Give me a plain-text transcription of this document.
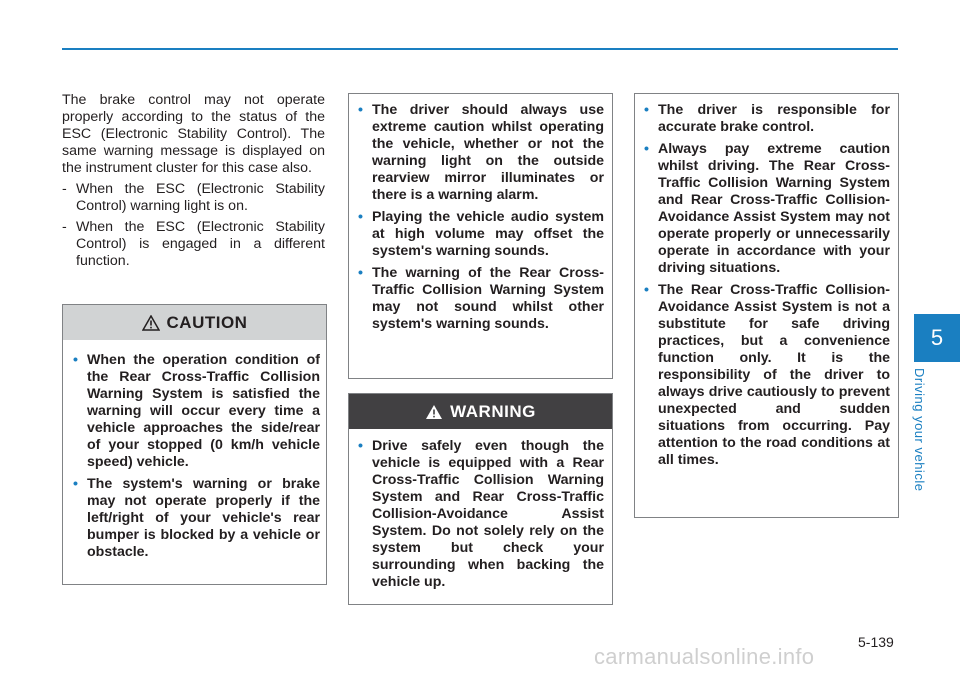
5
Driving your vehicle

The brake control may not operate properly according to the status of the ESC (Electronic Stability Control). The same warning message is displayed on the instrument cluster for this case also.

- When the ESC (Electronic Stability Control) warning light is on.
- When the ESC (Electronic Stability Control) is engaged in a different function.
CAUTION
• When the operation condition of the Rear Cross-Traffic Collision Warning System is satisfied the warning will occur every time a vehicle approaches the side/rear of your stopped (0 km/h vehicle speed) vehicle.
• The system's warning or brake may not operate properly if the left/right of your vehicle's rear bumper is blocked by a vehicle or obstacle.
• The driver should always use extreme caution whilst operating the vehicle, whether or not the warning light on the outside rearview mirror illuminates or there is a warning alarm.
• Playing the vehicle audio system at high volume may offset the system's warning sounds.
• The warning of the Rear Cross-Traffic Collision Warning System may not sound whilst other system's warning sounds.
WARNING
• Drive safely even though the vehicle is equipped with a Rear Cross-Traffic Collision Warning System and Rear Cross-Traffic Collision-Avoidance Assist System. Do not solely rely on the system but check your surrounding when backing the vehicle up.
• The driver is responsible for accurate brake control.
• Always pay extreme caution whilst driving. The Rear Cross-Traffic Collision Warning System and Rear Cross-Traffic Collision-Avoidance Assist System may not operate properly or unnecessarily operate in accordance with your driving situations.
• The Rear Cross-Traffic Collision-Avoidance Assist System is not a substitute for safe driving practices, but a convenience function only. It is the responsibility of the driver to always drive cautiously to prevent unexpected and sudden situations from occurring. Pay attention to the road conditions at all times.
5-139
carmanualsonline.info
